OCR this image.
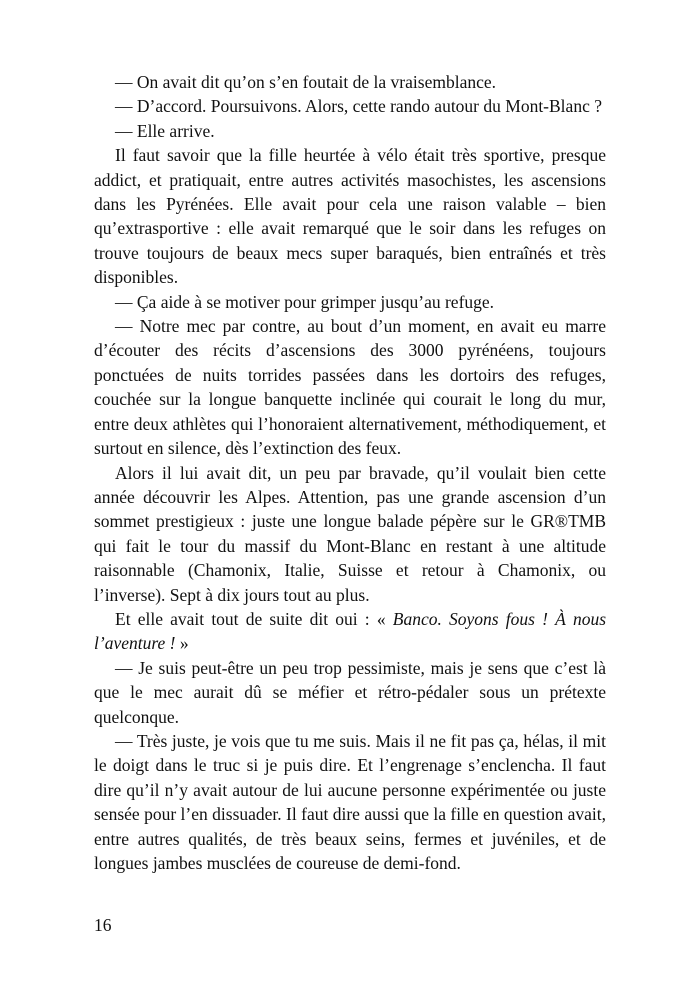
— On avait dit qu’on s’en foutait de la vraisemblance.

— D’accord. Poursuivons. Alors, cette rando autour du Mont-Blanc ?

— Elle arrive.

Il faut savoir que la fille heurtée à vélo était très sportive, presque addict, et pratiquait, entre autres activités masochistes, les ascensions dans les Pyrénées. Elle avait pour cela une raison valable – bien qu’extrasportive : elle avait remarqué que le soir dans les refuges on trouve toujours de beaux mecs super baraqués, bien entraînés et très disponibles.

— Ça aide à se motiver pour grimper jusqu’au refuge.

— Notre mec par contre, au bout d’un moment, en avait eu marre d’écouter des récits d’ascensions des 3000 pyrénéens, toujours ponctuées de nuits torrides passées dans les dortoirs des refuges, couchée sur la longue banquette inclinée qui courait le long du mur, entre deux athlètes qui l’honoraient alternativement, méthodiquement, et surtout en silence, dès l’extinction des feux.

Alors il lui avait dit, un peu par bravade, qu’il voulait bien cette année découvrir les Alpes. Attention, pas une grande ascension d’un sommet prestigieux : juste une longue balade pépère sur le GR®TMB qui fait le tour du massif du Mont-Blanc en restant à une altitude raisonnable (Chamonix, Italie, Suisse et retour à Chamonix, ou l’inverse). Sept à dix jours tout au plus.

Et elle avait tout de suite dit oui : « Banco. Soyons fous ! À nous l’aventure ! »

— Je suis peut-être un peu trop pessimiste, mais je sens que c’est là que le mec aurait dû se méfier et rétro-pédaler sous un prétexte quelconque.

— Très juste, je vois que tu me suis. Mais il ne fit pas ça, hélas, il mit le doigt dans le truc si je puis dire. Et l’engrenage s’enclencha. Il faut dire qu’il n’y avait autour de lui aucune personne expérimentée ou juste sensée pour l’en dissuader. Il faut dire aussi que la fille en question avait, entre autres qualités, de très beaux seins, fermes et juvéniles, et de longues jambes musclées de coureuse de demi-fond.

16
